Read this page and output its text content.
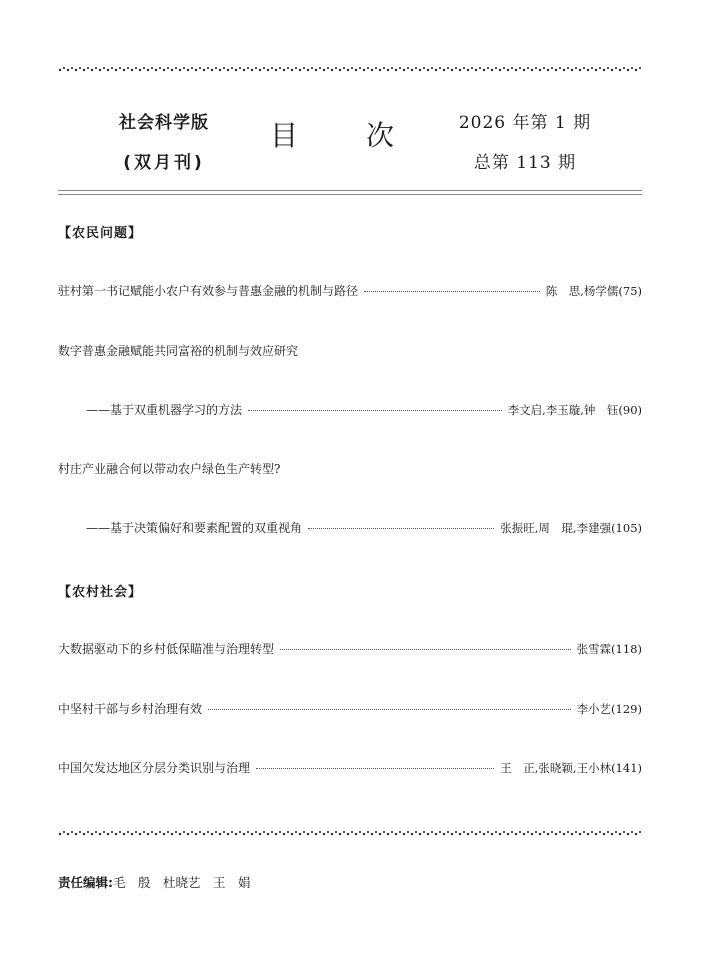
社会科学版
(双月刊)
目 次	2026 年第 1 期
总第 113 期
【农民问题】
驻村第一书记赋能小农户有效参与普惠金融的机制与路径	陈　思,杨学儒(75)
数字普惠金融赋能共同富裕的机制与效应研究
——基于双重机器学习的方法	李文启,李玉璇,钟　钰(90)
村庄产业融合何以带动农户绿色生产转型?
——基于决策偏好和要素配置的双重视角	张振旺,周　琨,李建强(105)
【农村社会】
大数据驱动下的乡村低保瞄准与治理转型	张雪霖(118)
中坚村干部与乡村治理有效	李小艺(129)
中国欠发达地区分层分类识别与治理	王　正,张晓颖,王小林(141)
责任编辑:毛　殷　杜晓艺　王　娟
